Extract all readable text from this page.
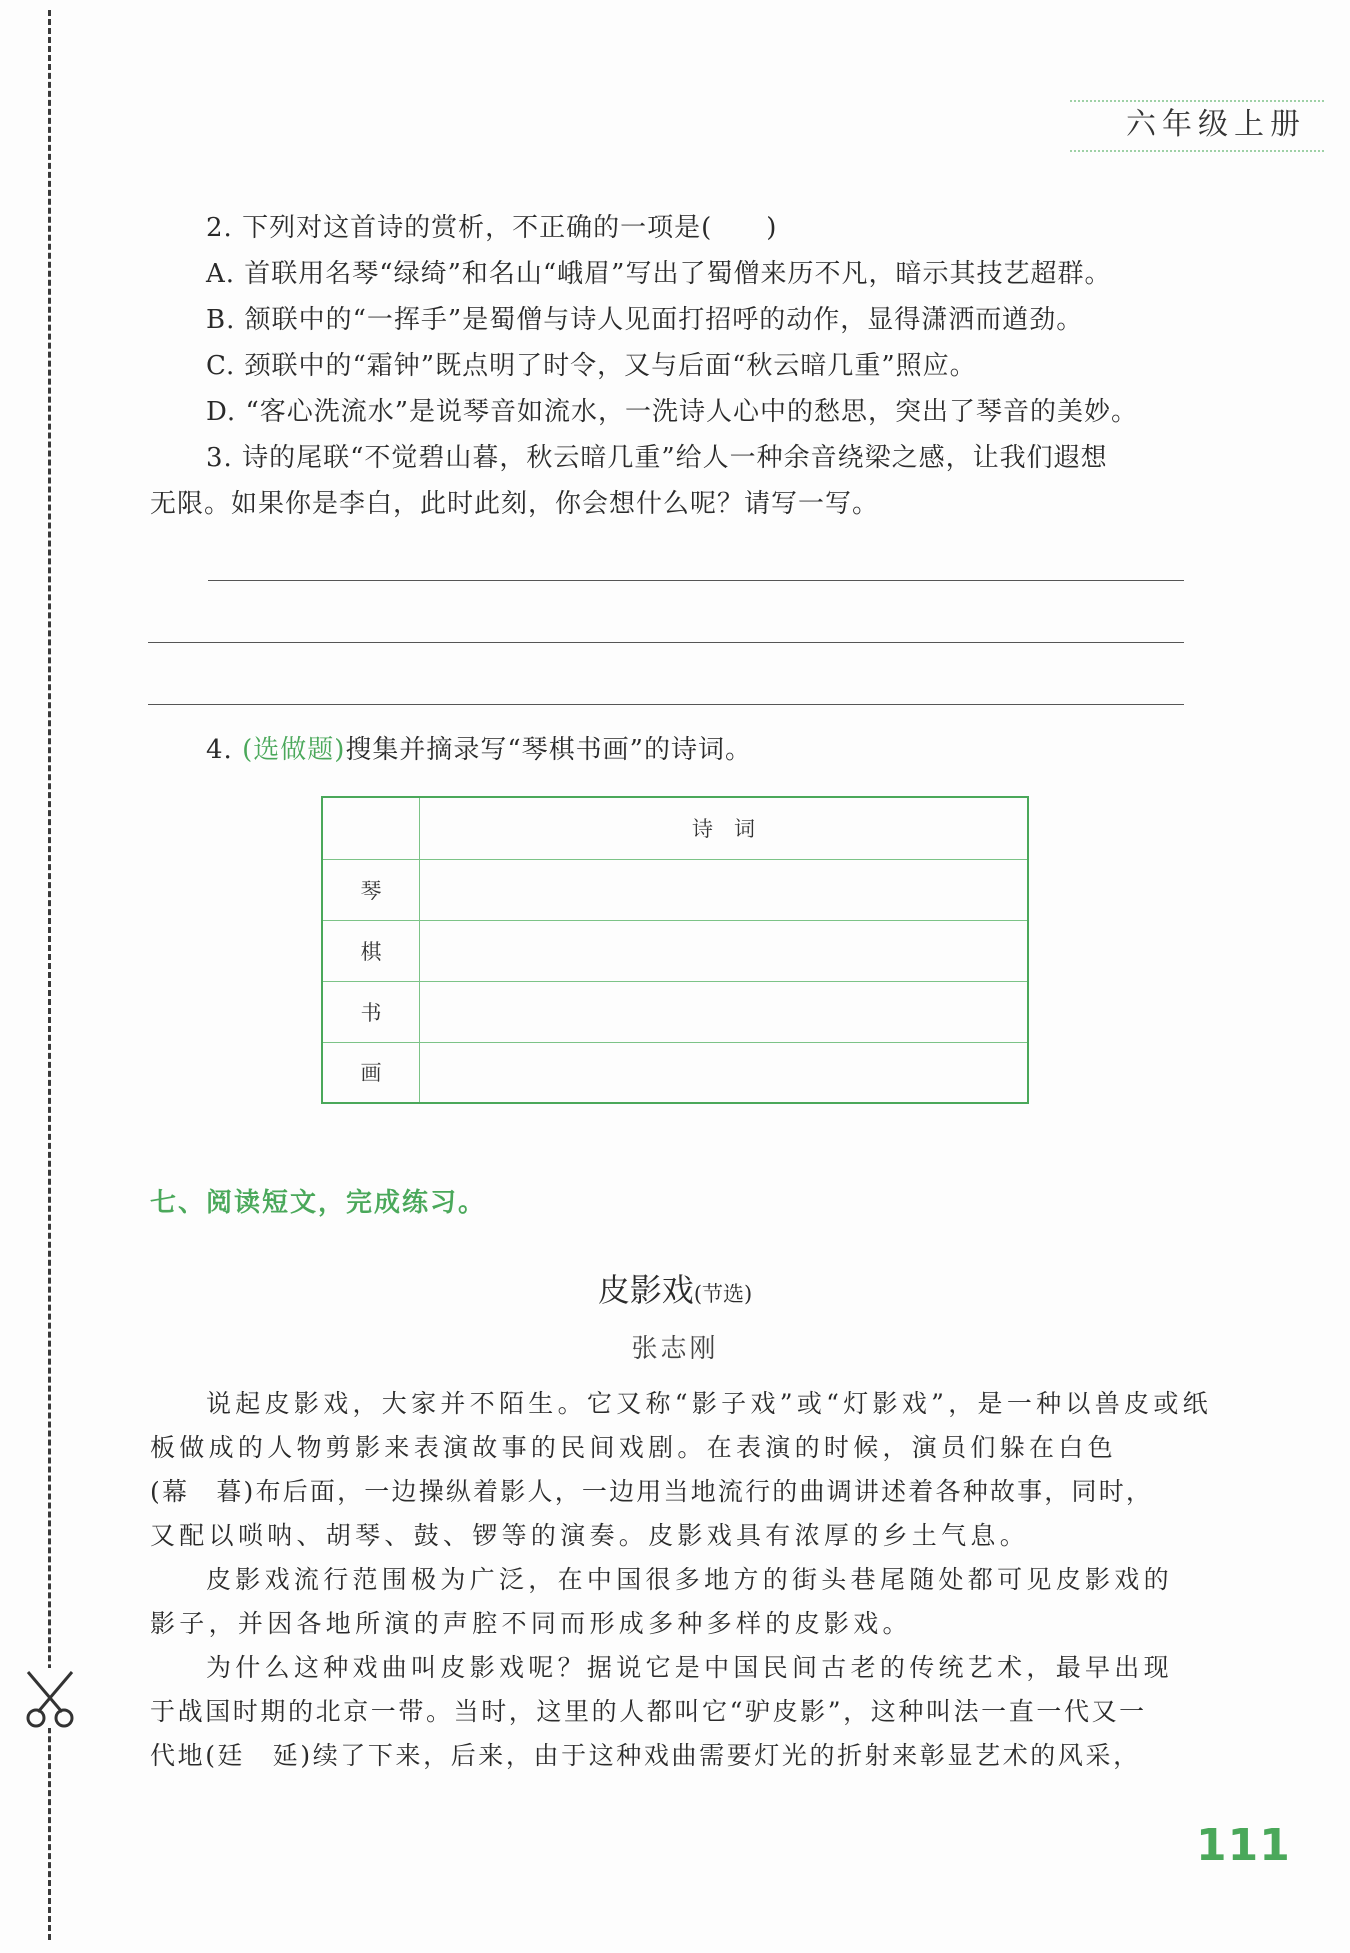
六年级上册
2. 下列对这首诗的赏析，不正确的一项是(　　)
A. 首联用名琴“绿绮”和名山“峨眉”写出了蜀僧来历不凡，暗示其技艺超群。
B. 颔联中的“一挥手”是蜀僧与诗人见面打招呼的动作，显得潇洒而遒劲。
C. 颈联中的“霜钟”既点明了时令，又与后面“秋云暗几重”照应。
D. “客心洗流水”是说琴音如流水，一洗诗人心中的愁思，突出了琴音的美妙。
3. 诗的尾联“不觉碧山暮，秋云暗几重”给人一种余音绕梁之感，让我们遐想
无限。如果你是李白，此时此刻，你会想什么呢？请写一写。
4. (选做题)搜集并摘录写“琴棋书画”的诗词。
	诗　词
琴	
棋	
书	
画	
七、阅读短文，完成练习。
皮影戏(节选)
张志刚
说起皮影戏，大家并不陌生。它又称“影子戏”或“灯影戏”，是一种以兽皮或纸
板做成的人物剪影来表演故事的民间戏剧。在表演的时候，演员们躲在白色
(幕　暮)布后面，一边操纵着影人，一边用当地流行的曲调讲述着各种故事，同时，
又配以唢呐、胡琴、鼓、锣等的演奏。皮影戏具有浓厚的乡土气息。
皮影戏流行范围极为广泛，在中国很多地方的街头巷尾随处都可见皮影戏的
影子，并因各地所演的声腔不同而形成多种多样的皮影戏。
为什么这种戏曲叫皮影戏呢？据说它是中国民间古老的传统艺术，最早出现
于战国时期的北京一带。当时，这里的人都叫它“驴皮影”，这种叫法一直一代又一
代地(廷　延)续了下来，后来，由于这种戏曲需要灯光的折射来彰显艺术的风采，
111
